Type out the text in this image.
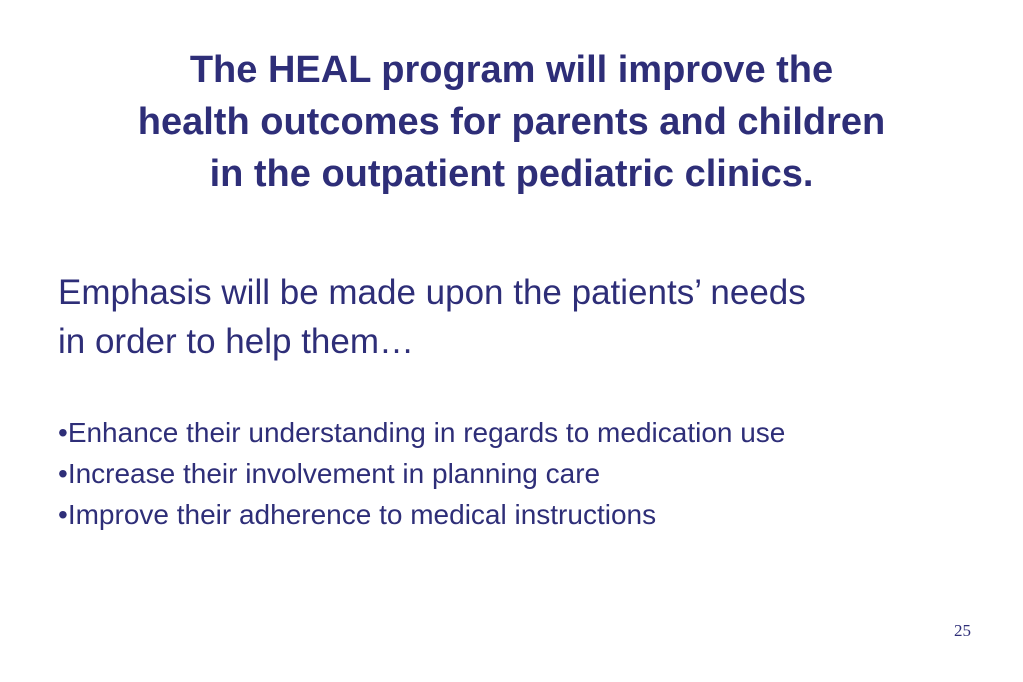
The HEAL program will improve the
health outcomes for parents and children
in the outpatient pediatric clinics.
Emphasis will be made upon the patients’ needs
in order to help them…
•Enhance their understanding in regards to medication use
•Increase their involvement in planning care
•Improve their adherence to medical instructions
25
